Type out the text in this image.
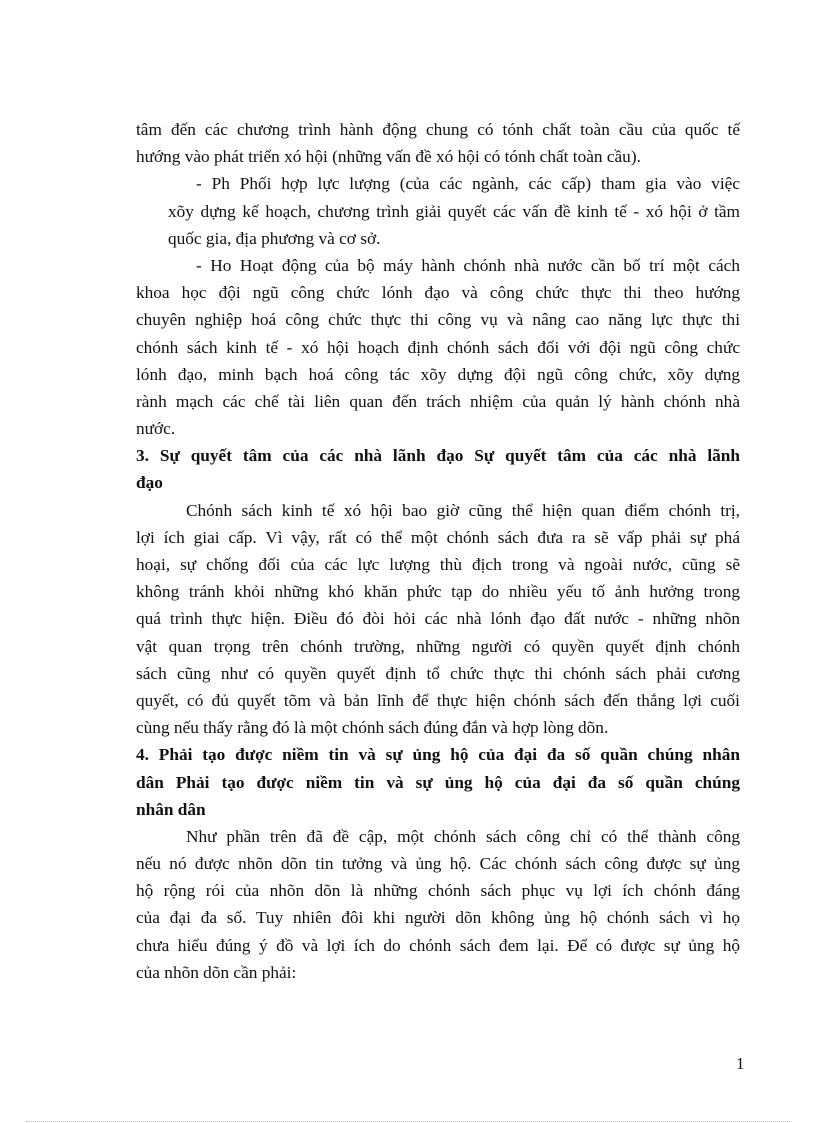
tâm đến các chương trình hành động chung có tónh chất toàn cầu của quốc tế
hướng vào phát triển xó hội (những vấn đề xó hội có tónh chất toàn cầu).
- Ph Phối hợp lực lượng (của các ngành, các cấp) tham gia vào việc
xõy dựng kế hoạch, chương trình giải quyết các vấn đề kinh tế - xó hội ở tầm
quốc gia, địa phương và cơ sở.
- Ho Hoạt động của bộ máy hành chónh nhà nước cần bố trí một cách
khoa học đội ngũ công chức lónh đạo và công chức thực thi theo hướng
chuyên nghiệp hoá công chức thực thi công vụ và nâng cao năng lực thực thi
chónh sách kinh tế - xó hội hoạch định chónh sách đối với đội ngũ công chức
lónh đạo, minh bạch hoá công tác xõy dựng đội ngũ công chức, xõy dựng
rành mạch các chế tài liên quan đến trách nhiệm của quản lý hành chónh nhà
nước.
3. Sự quyết tâm của các nhà lãnh đạo Sự quyết tâm của các nhà lãnh
đạo
Chónh sách kinh tế xó hội bao giờ cũng thể hiện quan điểm chónh trị,
lợi ích giai cấp. Vì vậy, rất có thể một chónh sách đưa ra sẽ vấp phải sự phá
hoại, sự chống đối của các lực lượng thù địch trong và ngoài nước, cũng sẽ
không tránh khỏi những khó khăn phức tạp do nhiều yếu tố ảnh hưởng trong
quá trình thực hiện. Điều đó đòi hỏi các nhà lónh đạo đất nước - những nhõn
vật quan trọng trên chónh trường, những người có quyền quyết định chónh
sách cũng như có quyền quyết định tổ chức thực thi chónh sách phải cương
quyết, có đủ quyết tõm và bản lĩnh để thực hiện chónh sách đến thắng lợi cuối
cùng nếu thấy rằng đó là một chónh sách đúng đắn và hợp lòng dõn.
4. Phải tạo được niềm tin và sự ủng hộ của đại đa số quần chúng nhân
dân Phải tạo được niềm tin và sự ủng hộ của đại đa số quần chúng
nhân dân
Như phần trên đã đề cập, một chónh sách công chỉ có thể thành công
nếu nó được nhõn dõn tin tưởng và ủng hộ. Các chónh sách công được sự ủng
hộ rộng rói của nhõn dõn là những chónh sách phục vụ lợi ích chónh đáng
của đại đa số. Tuy nhiên đôi khi người dõn không ủng hộ chónh sách vì họ
chưa hiểu đúng ý đồ và lợi ích do chónh sách đem lại. Để có được sự ủng hộ
của nhõn dõn cần phải:
1
